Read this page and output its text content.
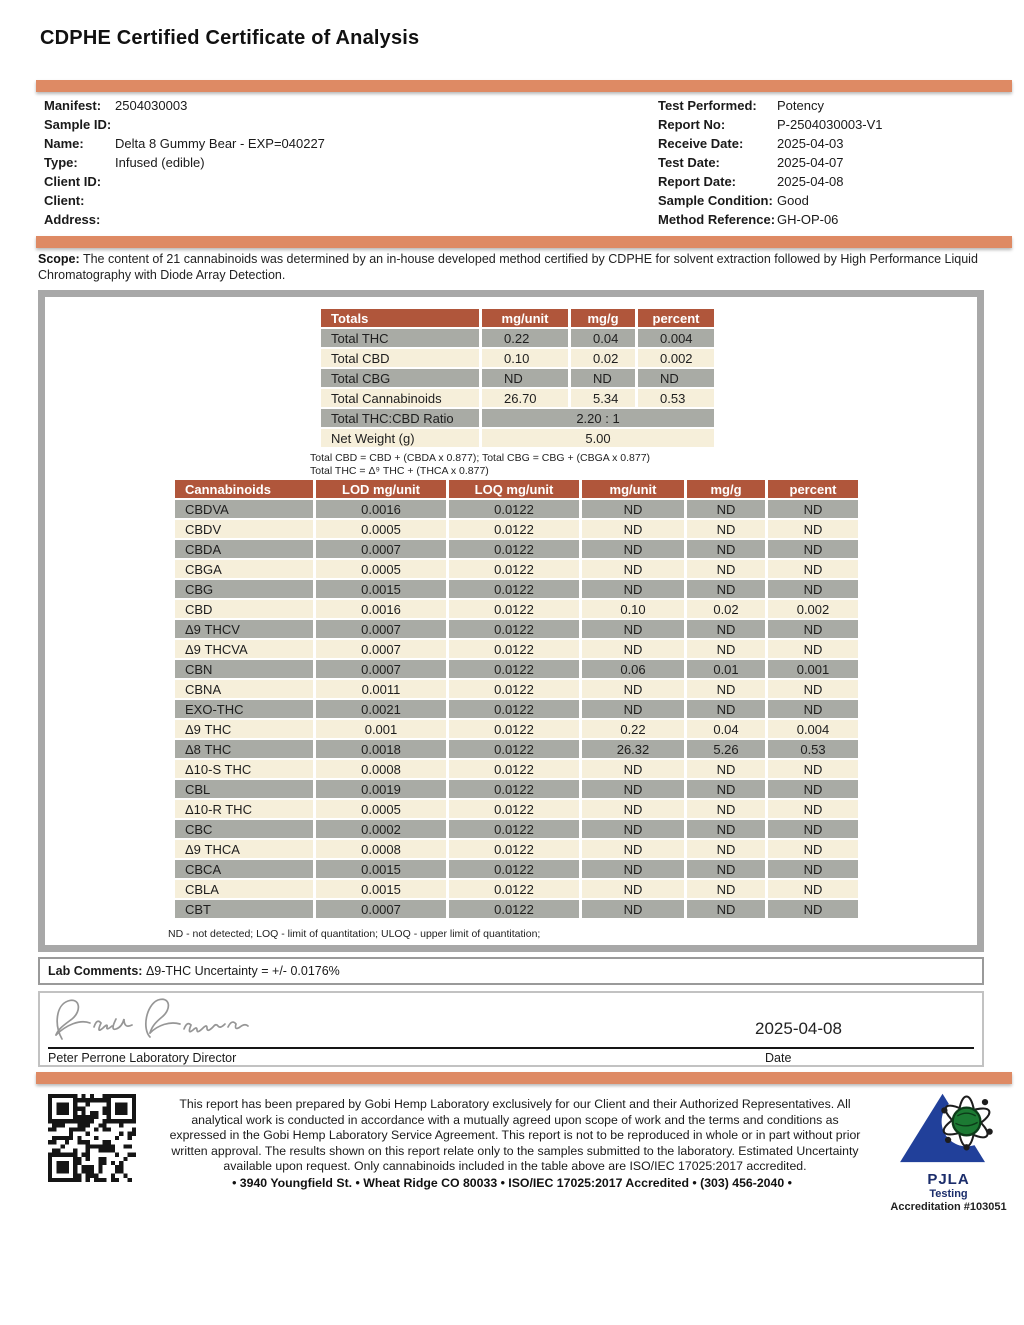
CDPHE Certified Certificate of Analysis
Manifest:	2504030003
Sample ID:
Name:	Delta 8 Gummy Bear - EXP=040227
Type:	Infused (edible)
Client ID:
Client:
Address:
Test Performed:	Potency
Report No:	P-2504030003-V1
Receive Date:	2025-04-03
Test Date:	2025-04-07
Report Date:	2025-04-08
Sample Condition: Good
Method Reference: GH-OP-06
Scope: The content of 21 cannabinoids was determined by an in-house developed method certified by CDPHE for solvent extraction followed by High Performance Liquid Chromatography with Diode Array Detection.
Totals	mg/unit	mg/g	percent
Total THC	0.22	0.04	0.004
Total CBD	0.10	0.02	0.002
Total CBG	ND	ND	ND
Total Cannabinoids	26.70	5.34	0.53
Total THC:CBD Ratio	2.20 : 1		
Net Weight (g)	5.00		
Total CBD = CBD + (CBDA x 0.877); Total CBG = CBG + (CBGA x 0.877)
Total THC = Δ⁹ THC + (THCA x 0.877)
Cannabinoids	LOD mg/unit	LOQ mg/unit	mg/unit	mg/g	percent
CBDVA	0.0016	0.0122	ND	ND	ND
CBDV	0.0005	0.0122	ND	ND	ND
CBDA	0.0007	0.0122	ND	ND	ND
CBGA	0.0005	0.0122	ND	ND	ND
CBG	0.0015	0.0122	ND	ND	ND
CBD	0.0016	0.0122	0.10	0.02	0.002
Δ9 THCV	0.0007	0.0122	ND	ND	ND
Δ9 THCVA	0.0007	0.0122	ND	ND	ND
CBN	0.0007	0.0122	0.06	0.01	0.001
CBNA	0.0011	0.0122	ND	ND	ND
EXO-THC	0.0021	0.0122	ND	ND	ND
Δ9 THC	0.001	0.0122	0.22	0.04	0.004
Δ8 THC	0.0018	0.0122	26.32	5.26	0.53
Δ10-S THC	0.0008	0.0122	ND	ND	ND
CBL	0.0019	0.0122	ND	ND	ND
Δ10-R THC	0.0005	0.0122	ND	ND	ND
CBC	0.0002	0.0122	ND	ND	ND
Δ9 THCA	0.0008	0.0122	ND	ND	ND
CBCA	0.0015	0.0122	ND	ND	ND
CBLA	0.0015	0.0122	ND	ND	ND
CBT	0.0007	0.0122	ND	ND	ND
ND - not detected; LOQ - limit of quantitation; ULOQ - upper limit of quantitation;
Lab Comments: Δ9-THC Uncertainty = +/- 0.0176%
2025-04-08
Peter Perrone Laboratory Director	Date
This report has been prepared by Gobi Hemp Laboratory exclusively for our Client and their Authorized Representatives. All analytical work is conducted in accordance with a mutually agreed upon scope of work and the terms and conditions as expressed in the Gobi Hemp Laboratory Service Agreement. This report is not to be reproduced in whole or in part without prior written approval. The results shown on this report relate only to the samples submitted to the laboratory. Estimated Uncertainty available upon request. Only cannabinoids included in the table above are ISO/IEC 17025:2017 accredited.
PJLA
Testing
Accreditation #103051
• 3940 Youngfield St. • Wheat Ridge CO 80033 • ISO/IEC 17025:2017 Accredited • (303) 456-2040 •
